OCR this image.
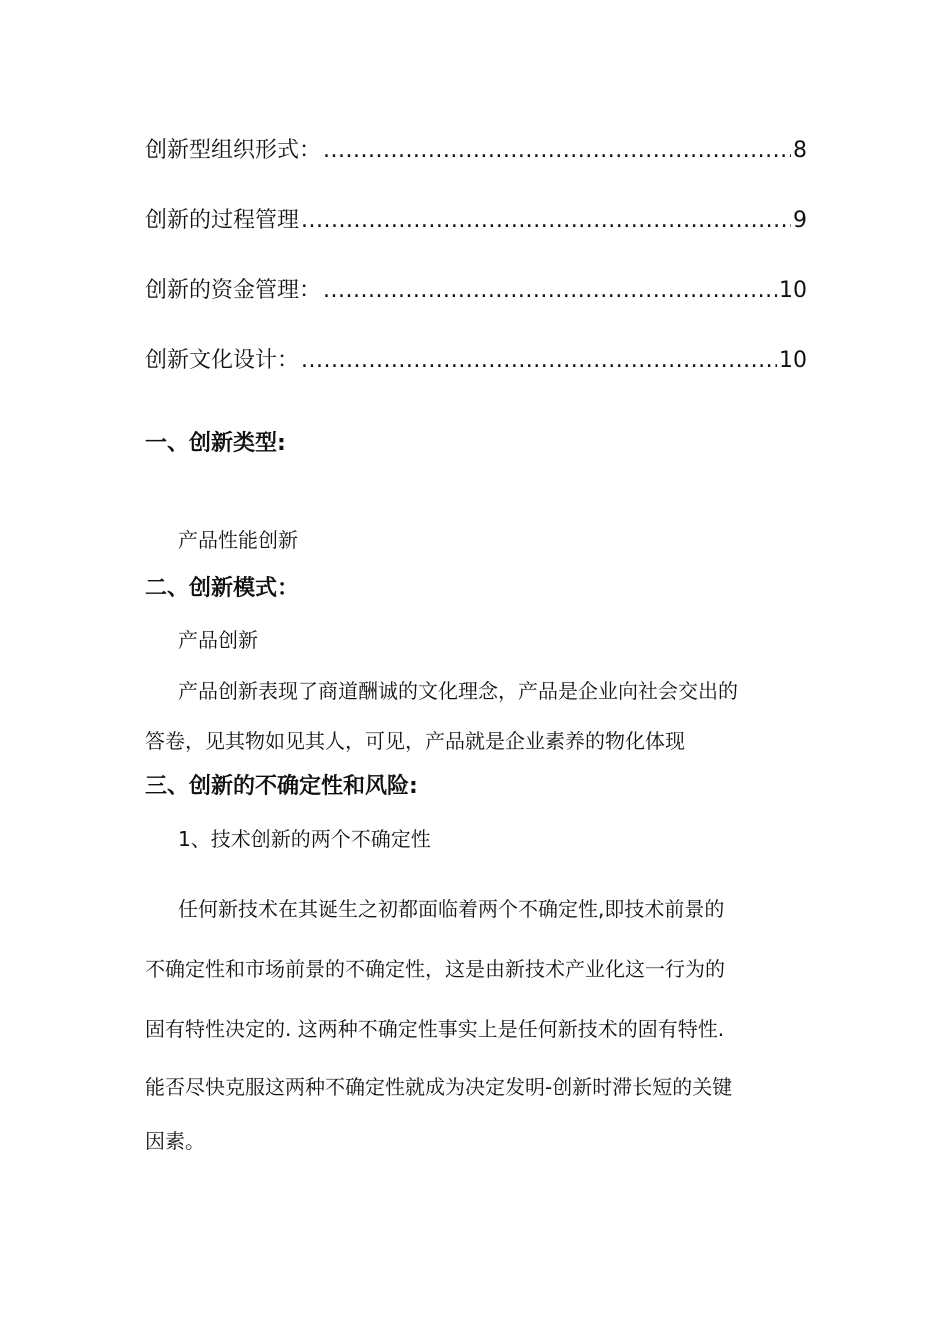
创新型组织形式： .....	8
创新的过程管理 .....	9
创新的资金管理： .....	10
创新文化设计： .....	10
一、创新类型:
产品性能创新
二、创新模式：
产品创新
产品创新表现了商道酬诚的文化理念，产品是企业向社会交出的
答卷，见其物如见其人，可见，产品就是企业素养的物化体现
三、创新的不确定性和风险:
1、技术创新的两个不确定性
任何新技术在其诞生之初都面临着两个不确定性,即技术前景的
不确定性和市场前景的不确定性，这是由新技术产业化这一行为的
固有特性决定的. 这两种不确定性事实上是任何新技术的固有特性.
能否尽快克服这两种不确定性就成为决定发明-创新时滞长短的关键
因素。
